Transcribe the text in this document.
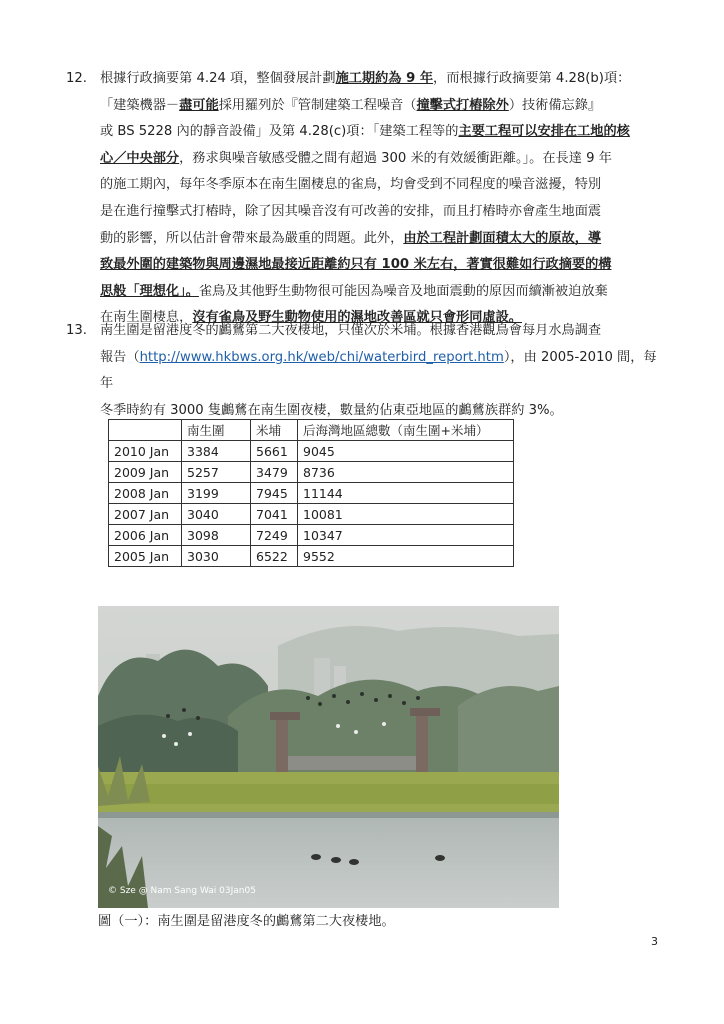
12. 根據行政摘要第 4.24 項，整個發展計劃施工期約為 9 年，而根據行政摘要第 4.28(b)項：
「建築機器－盡可能採用羅列於『管制建築工程噪音（撞擊式打樁除外）技術備忘錄』
或 BS 5228 內的靜音設備」及第 4.28(c)項：「建築工程等的主要工程可以安排在工地的核
心／中央部分，務求與噪音敏感受體之間有超過 300 米的有效緩衝距離。」。在長達 9 年
的施工期內，每年冬季原本在南生圍棲息的雀鳥，均會受到不同程度的噪音滋擾，特別
是在進行撞擊式打樁時，除了因其噪音沒有可改善的安排，而且打樁時亦會產生地面震
動的影響，所以估計會帶來最為嚴重的問題。此外，由於工程計劃面積太大的原故，導
致最外圍的建築物與周邊濕地最接近距離約只有 100 米左右，著實很難如行政摘要的構
思般「理想化」。雀鳥及其他野生動物很可能因為噪音及地面震動的原因而續漸被迫放棄
在南生圍棲息，沒有雀鳥及野生動物使用的濕地改善區就只會形同虛設。
13. 南生圍是留港度冬的鸕鶿第二大夜棲地，只僅次於米埔。根據香港觀鳥會每月水鳥調查
報告（http://www.hkbws.org.hk/web/chi/waterbird_report.htm），由 2005-2010 間，每年
冬季時約有 3000 隻鸕鶿在南生圍夜棲，數量約佔東亞地區的鸕鶿族群約 3%。
	南生圍	米埔	后海灣地區總數（南生圍+米埔）
2010 Jan	3384	5661	9045
2009 Jan	5257	3479	8736
2008 Jan	3199	7945	11144
2007 Jan	3040	7041	10081
2006 Jan	3098	7249	10347
2005 Jan	3030	6522	9552
© Sze @ Nam Sang Wai 03Jan05
圖（一）：南生圍是留港度冬的鸕鶿第二大夜棲地。
3
